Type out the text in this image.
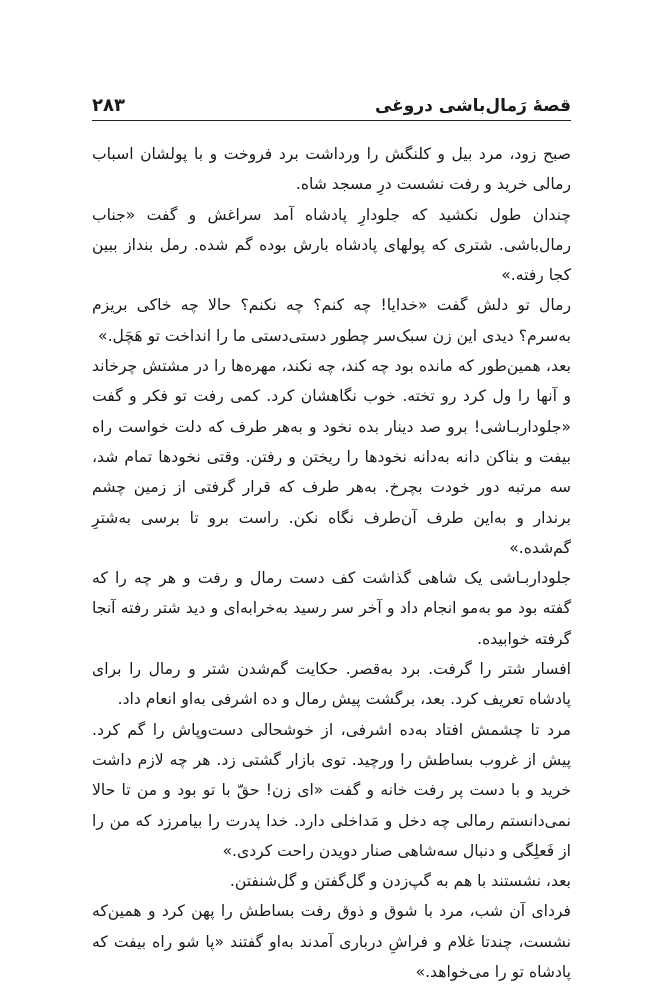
قصهٔ رَمال‌باشی دروغی
۲۸۳

صبح زود، مرد بیل و کلنگش را ورداشت برد فروخت و با پولشان اسباب رمالی خرید و رفت نشست درِ مسجد شاه.

چندان طول نکشید که جلودارِ پادشاه آمد سراغش و گفت «جناب رمال‌باشی. شتری که پولهای پادشاه بارش بوده گم شده. رمل بنداز ببین کجا رفته.»

رمال تو دلش گفت «خدایا! چه کنم؟ چه نکنم؟ حالا چه خاکی بریزم به‌سرم؟ دیدی این زن سبک‌سر چطور دستی‌دستی ما را انداخت تو هَچَل.»

بعد، همین‌طور که مانده بود چه کند، چه نکند، مهره‌ها را در مشتش چرخاند و آنها را ول کرد رو تخته. خوب نگاهشان کرد. کمی رفت تو فکر و گفت «جلوداربـاشی! برو صد دینار بده نخود و به‌هر طرف که دلت خواست راه بیفت و بناکن دانه به‌دانه نخودها را ریختن و رفتن. وقتی نخودها تمام شد، سه مرتبه دور خودت بچرخ. به‌هر طرف که قرار گرفتی از زمین چشم برندار و به‌این طرف آن‌طرف نگاه نکن. راست برو تا برسی به‌شترِ گم‌شده.»

جلوداربـاشی یک شاهی گذاشت کف دست رمال و رفت و هر چه را که گفته بود مو به‌مو انجام داد و آخر سر رسید به‌خرابه‌ای و دید شتر رفته آنجا گرفته خوابیده.

افسار شتر را گرفت. برد به‌قصر. حکایت گم‌شدن شتر و رمال را برای پادشاه تعریف کرد. بعد، برگشت پیش رمال و ده اشرفی به‌او انعام داد.

مرد تا چشمش افتاد به‌ده اشرفی، از خوشحالی دست‌وپاش را گم کرد. پیش از غروب بساطش را ورچید. توی بازار گشتی زد. هر چه لازم داشت خرید و با دست پر رفت خانه و گفت «ای زن! حقّ با تو بود و من تا حالا نمی‌دانستم رمالی چه دخل و مَداخلی دارد. خدا پدرت را بیامرزد که من را از فَعلِگی و دنبال سه‌شاهی صنار دویدن راحت کردی.»

بعد، نشستند با هم به گپ‌زدن و گل‌گفتن و گل‌شنفتن.

فردای آن شب، مرد با شوق و ذوق رفت بساطش را پهن کرد و همین‌که نشست، چندتا غلام و فراشِ درباری آمدند به‌او گفتند «پا شو راه بیفت که پادشاه تو را می‌خواهد.»
